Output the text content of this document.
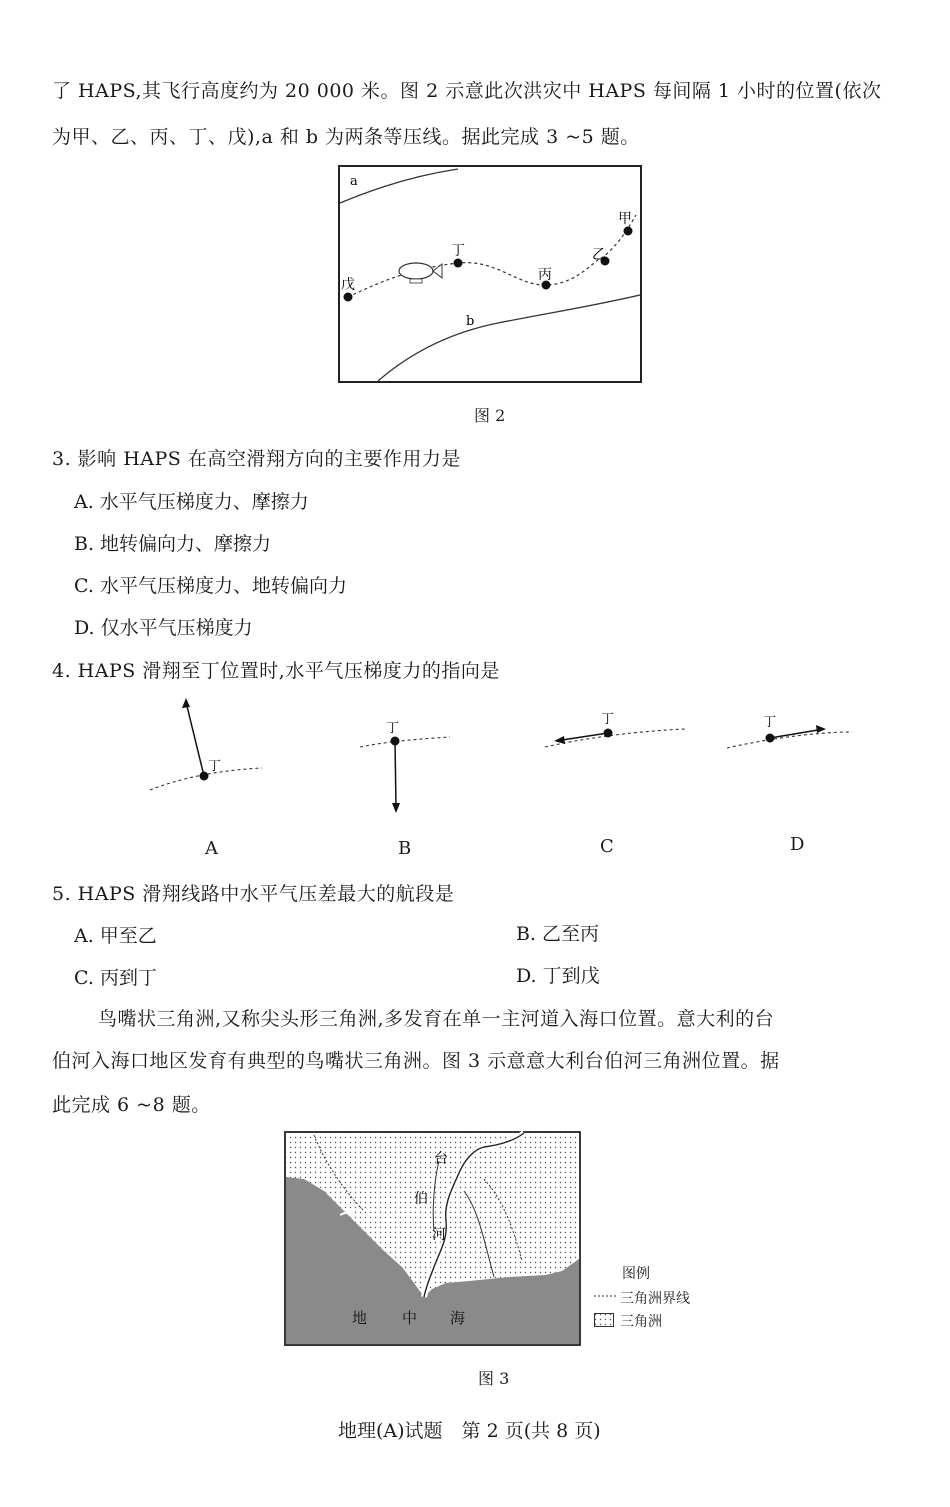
了 HAPS,其飞行高度约为 20 000 米。图 2 示意此次洪灾中 HAPS 每间隔 1 小时的位置(依次
为甲、乙、丙、丁、戊),a 和 b 为两条等压线。据此完成 3 ~5 题。
a
b
甲
乙
丙
丁
戊
图 2
3. 影响 HAPS 在高空滑翔方向的主要作用力是
A. 水平气压梯度力、摩擦力
B. 地转偏向力、摩擦力
C. 水平气压梯度力、地转偏向力
D. 仅水平气压梯度力
4. HAPS 滑翔至丁位置时,水平气压梯度力的指向是
丁
丁
丁	丁
A	B	C	D
5. HAPS 滑翔线路中水平气压差最大的航段是
A. 甲至乙	B. 乙至丙
C. 丙到丁	D. 丁到戊
鸟嘴状三角洲,又称尖头形三角洲,多发育在单一主河道入海口位置。意大利的台
伯河入海口地区发育有典型的鸟嘴状三角洲。图 3 示意意大利台伯河三角洲位置。据
此完成 6 ~8 题。
台
伯
河
地 中 海
图例
三角洲界线
三角洲
图 3
地理(A)试题　第 2 页(共 8 页)
